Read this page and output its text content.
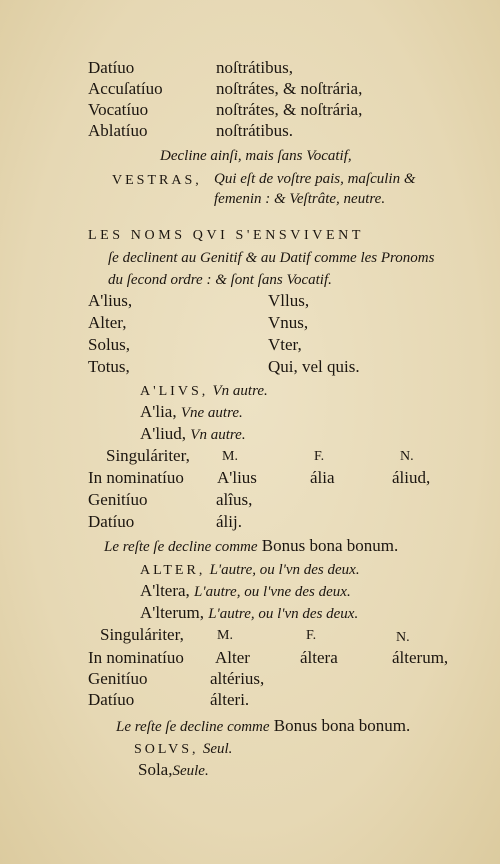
Datíuo	noſtrátibus,
Accuſatíuo	noſtrátes, & noſtrária,
Vocatíuo	noſtrátes, & noſtrária,
Ablatíuo	noſtrátibus.
Decline ainſi, mais ſans Vocatif,
VESTRAS, Qui eſt de voſtre pais, maſculin & femenin : & Veſtrâte, neutre.
LES NOMS QVI S'ENSVIVENT
ſe declinent au Genitif & au Datif comme les Pronoms
du ſecond ordre : & ſont ſans Vocatif.
A'lius,	Vllus,
Alter,	Vnus,
Solus,	Vter,
Totus,	Qui, vel quis.
A'LIVS, Vn autre.
A'lia, Vne autre.
A'liud, Vn autre.
Singuláriter, M.	F.	N.
In nominatíuo A'lius	ália	áliud,
Genitíuo	alîus,
Datíuo	álij.
Le reſte ſe decline comme Bonus bona bonum.
ALTER, L'autre, ou l'vn des deux.
A'ltera, L'autre, ou l'vne des deux.
A'lterum, L'autre, ou l'vn des deux.
Singuláriter, M.	F.	N.
In nominatíuo Alter	áltera	álterum,
Genitíuo	altérius,
Datíuo	álteri.
Le reſte ſe decline comme Bonus bona bonum.
SOLVS, Seul.
Sola,Seule.
